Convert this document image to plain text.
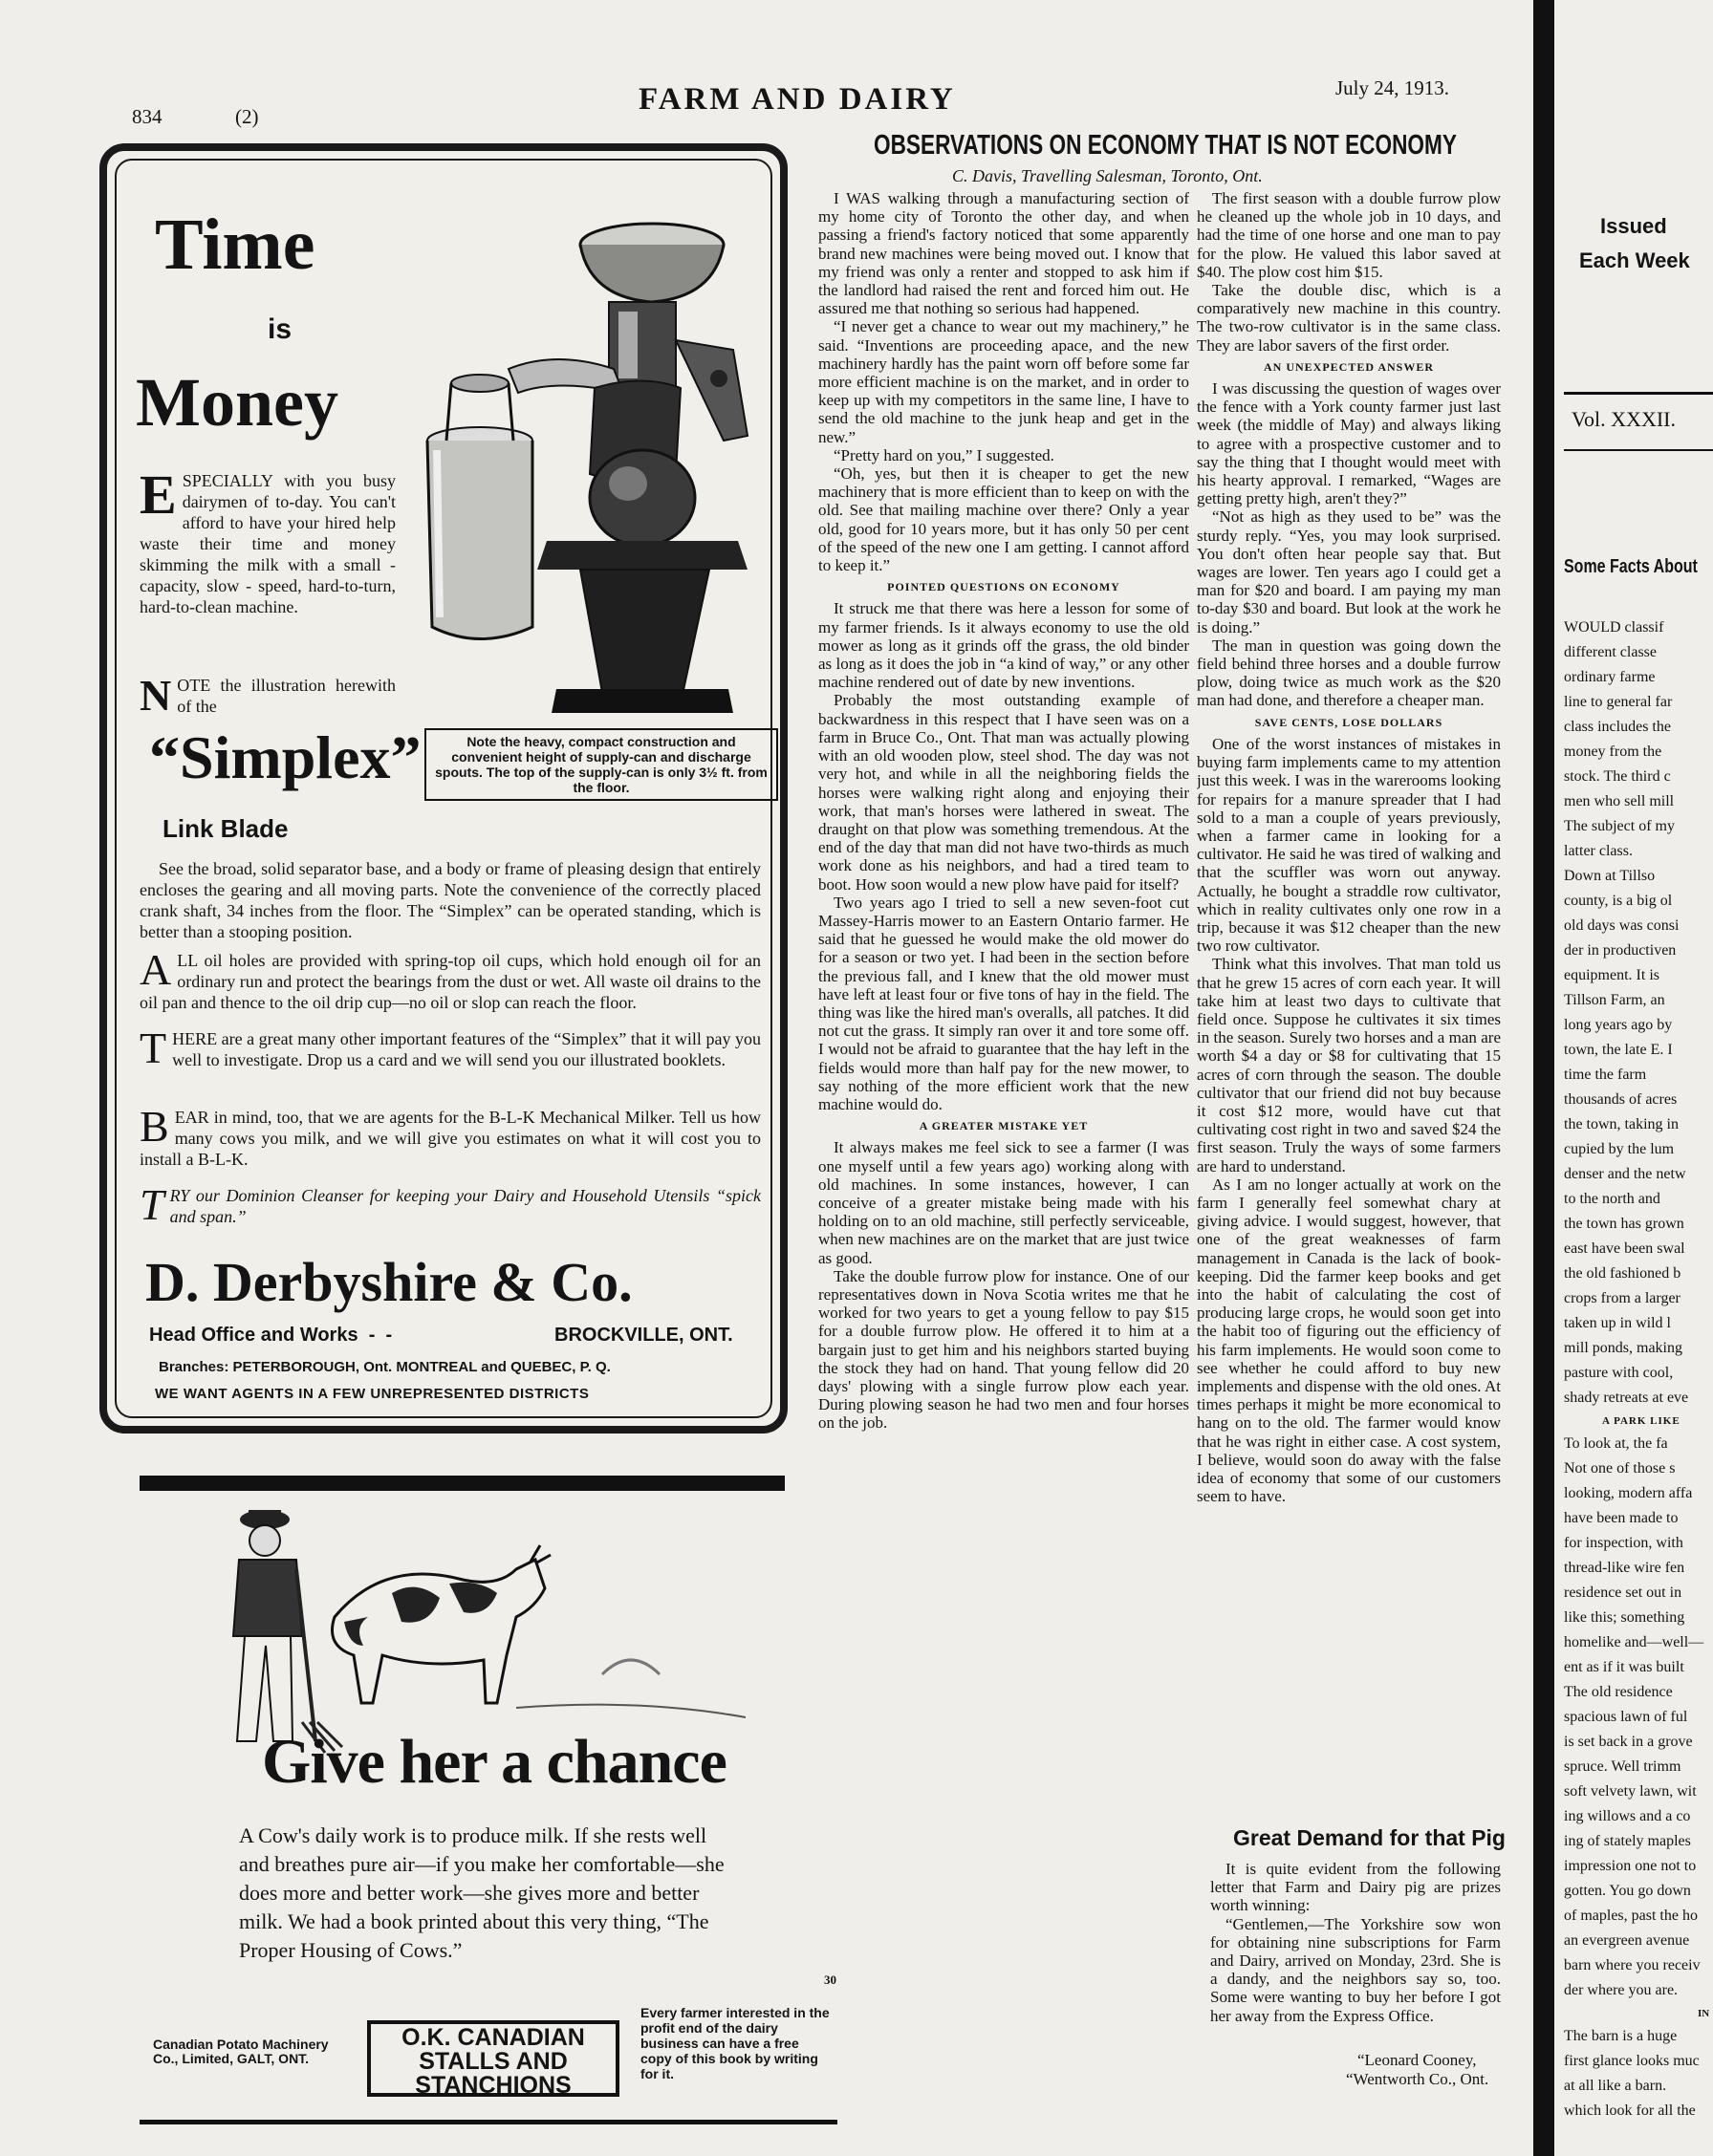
834	(2)	FARM AND DAIRY	July 24, 1913.
Time
is
Money
ESPECIALLY with you busy dairymen of to-day. You can't afford to have your hired help waste their time and money skimming the milk with a small - capacity, slow - speed, hard-to-turn, hard-to-clean machine.
NOTE the illustration herewith of the
“Simplex”
Link Blade
Note the heavy, compact construction and convenient height of supply-can and discharge spouts. The top of the supply-can is only 3½ ft. from the floor.
See the broad, solid separator base, and a body or frame of pleasing design that entirely encloses the gearing and all moving parts. Note the convenience of the correctly placed crank shaft, 34 inches from the floor. The “Simplex” can be operated standing, which is better than a stooping position.
ALL oil holes are provided with spring-top oil cups, which hold enough oil for an ordinary run and protect the bearings from the dust or wet. All waste oil drains to the oil pan and thence to the oil drip cup—no oil or slop can reach the floor.
THERE are a great many other important features of the “Simplex” that it will pay you well to investigate. Drop us a card and we will send you our illustrated booklets.
BEAR in mind, too, that we are agents for the B-L-K Mechanical Milker. Tell us how many cows you milk, and we will give you estimates on what it will cost you to install a B-L-K.
TRY our Dominion Cleanser for keeping your Dairy and Household Utensils “spick and span.”
D. Derbyshire & Co.
Head Office and Works  -  -	BROCKVILLE, ONT.
Branches: PETERBOROUGH, Ont. MONTREAL and QUEBEC, P. Q.
WE WANT AGENTS IN A FEW UNREPRESENTED DISTRICTS
Give her a chance
A Cow's daily work is to produce milk. If she rests well and breathes pure air—if you make her comfortable—she does more and better work—she gives more and better milk. We had a book printed about this very thing, “The Proper Housing of Cows.”
30
Canadian Potato Machinery Co., Limited, GALT, ONT.
O.K. CANADIAN
STALLS AND
STANCHIONS
Every farmer interested in the profit end of the dairy business can have a free copy of this book by writing for it.
OBSERVATIONS ON ECONOMY THAT IS NOT ECONOMY
C. Davis, Travelling Salesman, Toronto, Ont.

I WAS walking through a manufacturing section of my home city of Toronto the other day, and when passing a friend's factory noticed that some apparently brand new machines were being moved out. I know that my friend was only a renter and stopped to ask him if the landlord had raised the rent and forced him out. He assured me that nothing so serious had happened.

“I never get a chance to wear out my machinery,” he said. “Inventions are proceeding apace, and the new machinery hardly has the paint worn off before some far more efficient machine is on the market, and in order to keep up with my competitors in the same line, I have to send the old machine to the junk heap and get in the new.”

“Pretty hard on you,” I suggested.

“Oh, yes, but then it is cheaper to get the new machinery that is more efficient than to keep on with the old. See that mailing machine over there? Only a year old, good for 10 years more, but it has only 50 per cent of the speed of the new one I am getting. I cannot afford to keep it.”

POINTED QUESTIONS ON ECONOMY

It struck me that there was here a lesson for some of my farmer friends. Is it always economy to use the old mower as long as it grinds off the grass, the old binder as long as it does the job in “a kind of way,” or any other machine rendered out of date by new inventions.

Probably the most outstanding example of backwardness in this respect that I have seen was on a farm in Bruce Co., Ont. That man was actually plowing with an old wooden plow, steel shod. The day was not very hot, and while in all the neighboring fields the horses were walking right along and enjoying their work, that man's horses were lathered in sweat. The draught on that plow was something tremendous. At the end of the day that man did not have two-thirds as much work done as his neighbors, and had a tired team to boot. How soon would a new plow have paid for itself?

Two years ago I tried to sell a new seven-foot cut Massey-Harris mower to an Eastern Ontario farmer. He said that he guessed he would make the old mower do for a season or two yet. I had been in the section before the previous fall, and I knew that the old mower must have left at least four or five tons of hay in the field. The thing was like the hired man's overalls, all patches. It did not cut the grass. It simply ran over it and tore some off. I would not be afraid to guarantee that the hay left in the fields would more than half pay for the new mower, to say nothing of the more efficient work that the new machine would do.

A GREATER MISTAKE YET

It always makes me feel sick to see a farmer (I was one myself until a few years ago) working along with old machines. In some instances, however, I can conceive of a greater mistake being made with his holding on to an old machine, still perfectly serviceable, when new machines are on the market that are just twice as good.

Take the double furrow plow for instance. One of our representatives down in Nova Scotia writes me that he worked for two years to get a young fellow to pay $15 for a double furrow plow. He offered it to him at a bargain just to get him and his neighbors started buying the stock they had on hand. That young fellow did 20 days' plowing with a single furrow plow each year. During plowing season he had two men and four horses on the job.

The first season with a double furrow plow he cleaned up the whole job in 10 days, and had the time of one horse and one man to pay for the plow. He valued this labor saved at $40. The plow cost him $15.

Take the double disc, which is a comparatively new machine in this country. The two-row cultivator is in the same class. They are labor savers of the first order.

AN UNEXPECTED ANSWER

I was discussing the question of wages over the fence with a York county farmer just last week (the middle of May) and always liking to agree with a prospective customer and to say the thing that I thought would meet with his hearty approval. I remarked, “Wages are getting pretty high, aren't they?”

“Not as high as they used to be” was the sturdy reply. “Yes, you may look surprised. You don't often hear people say that. But wages are lower. Ten years ago I could get a man for $20 and board. I am paying my man to-day $30 and board. But look at the work he is doing.”

The man in question was going down the field behind three horses and a double furrow plow, doing twice as much work as the $20 man had done, and therefore a cheaper man.

SAVE CENTS, LOSE DOLLARS

One of the worst instances of mistakes in buying farm implements came to my attention just this week. I was in the warerooms looking for repairs for a manure spreader that I had sold to a man a couple of years previously, when a farmer came in looking for a cultivator. He said he was tired of walking and that the scuffler was worn out anyway. Actually, he bought a straddle row cultivator, which in reality cultivates only one row in a trip, because it was $12 cheaper than the new two row cultivator.

Think what this involves. That man told us that he grew 15 acres of corn each year. It will take him at least two days to cultivate that field once. Suppose he cultivates it six times in the season. Surely two horses and a man are worth $4 a day or $8 for cultivating that 15 acres of corn through the season. The double cultivator that our friend did not buy because it cost $12 more, would have cut that cultivating cost right in two and saved $24 the first season. Truly the ways of some farmers are hard to understand.

As I am no longer actually at work on the farm I generally feel somewhat chary at giving advice. I would suggest, however, that one of the great weaknesses of farm management in Canada is the lack of book-keeping. Did the farmer keep books and get into the habit of calculating the cost of producing large crops, he would soon get into the habit too of figuring out the efficiency of his farm implements. He would soon come to see whether he could afford to buy new implements and dispense with the old ones. At times perhaps it might be more economical to hang on to the old. The farmer would know that he was right in either case. A cost system, I believe, would soon do away with the false idea of economy that some of our customers seem to have.

Great Demand for that Pig

It is quite evident from the following letter that Farm and Dairy pig are prizes worth winning:

“Gentlemen,—The Yorkshire sow won for obtaining nine subscriptions for Farm and Dairy, arrived on Monday, 23rd. She is a dandy, and the neighbors say so, too. Some were wanting to buy her before I got her away from the Express Office.

“Leonard Cooney,
“Wentworth Co., Ont.
Issued
Each Week
Vol. XXXII.
Some Facts About
WOULD classif
different classe
ordinary farme
line to general far
class includes the
money from the
stock. The third c
men who sell mill
The subject of my
latter class.
Down at Tillso
county, is a big ol
old days was consi
der in productiven
equipment. It is
Tillson Farm, an
long years ago by
town, the late E. I
time the farm
thousands of acres
the town, taking in
cupied by the lum
denser and the netw
to the north and
the town has grown
east have been swal
the old fashioned b
crops from a larger
taken up in wild l
mill ponds, making
pasture with cool,
shady retreats at eve
A PARK LIKE
To look at, the fa
Not one of those s
looking, modern affa
have been made to
for inspection, with
thread-like wire fen
residence set out in
like this; something
homelike and—well—
ent as if it was built
The old residence
spacious lawn of ful
is set back in a grove
spruce. Well trimm
soft velvety lawn, wit
ing willows and a co
ing of stately maples
impression one not to
gotten. You go down
of maples, past the ho
an evergreen avenue
barn where you receiv
der where you are.
IN
The barn is a huge
first glance looks muc
at all like a barn.
which look for all the
